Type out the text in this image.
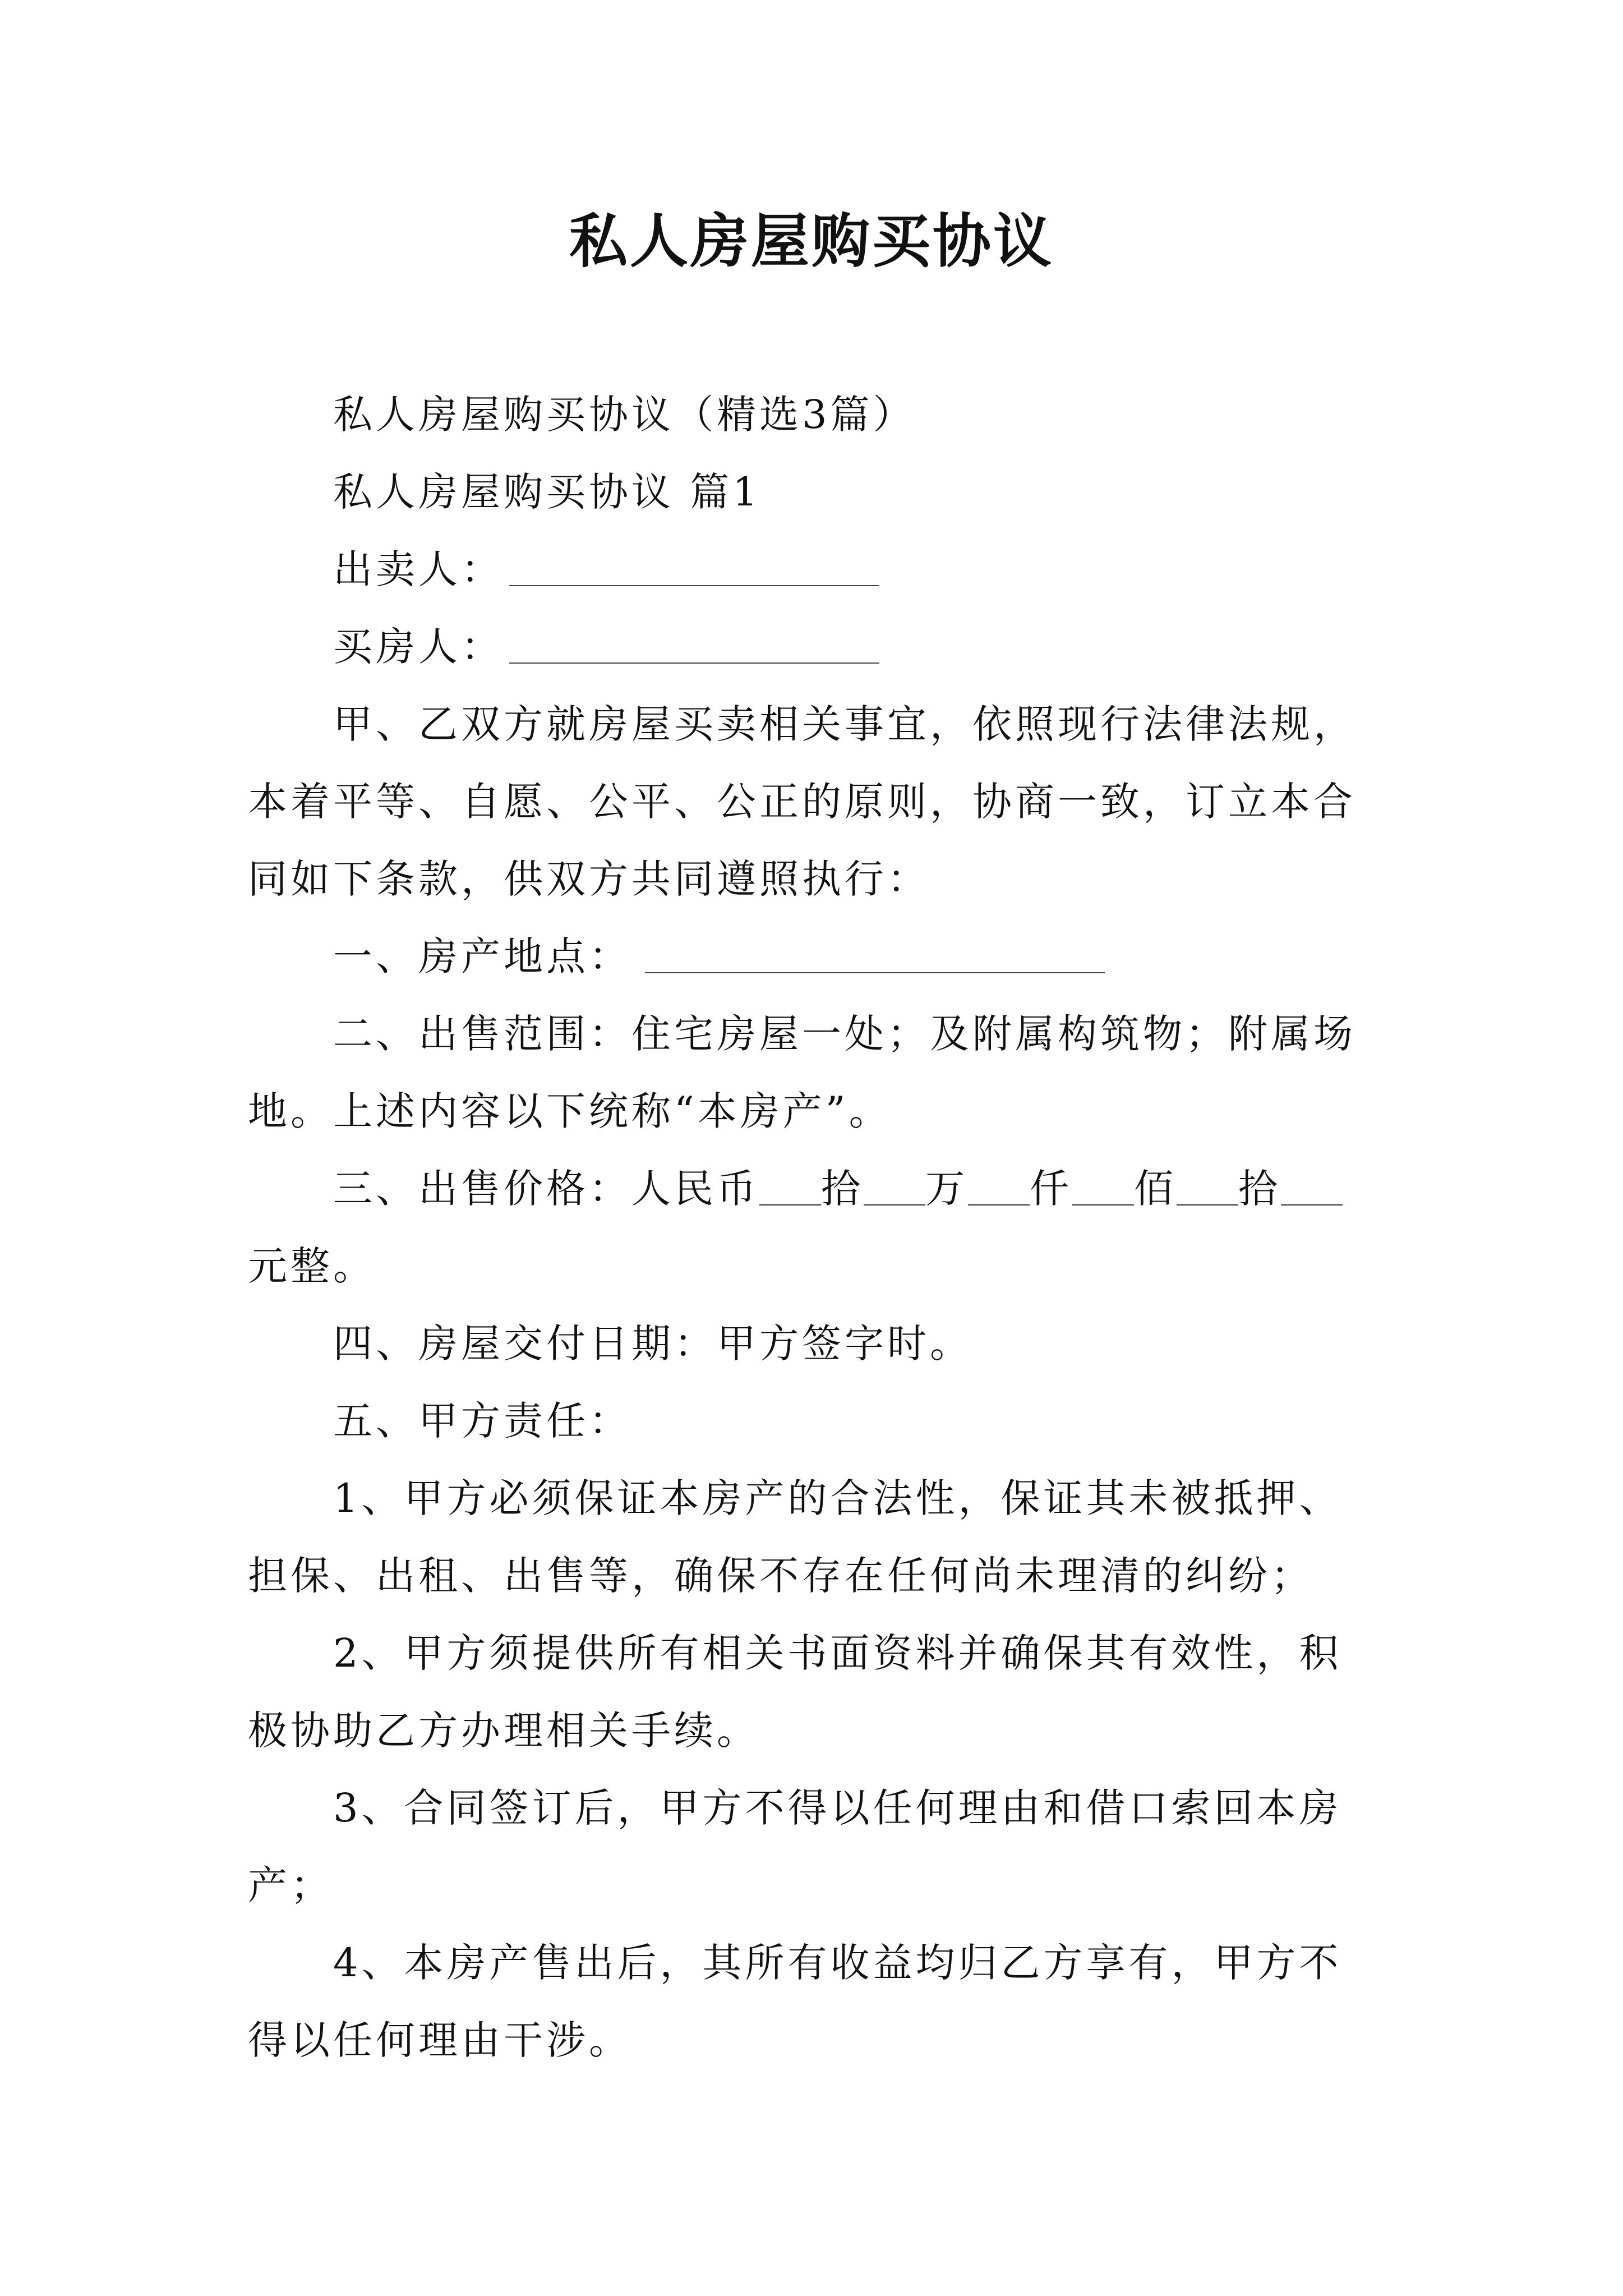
私人房屋购买协议

私人房屋购买协议（精选3篇）

私人房屋购买协议 篇1

出卖人：

买房人：

甲、乙双方就房屋买卖相关事宜，依照现行法律法规，本着平等、自愿、公平、公正的原则，协商一致，订立本合同如下条款，供双方共同遵照执行：

一、房产地点：

二、出售范围：住宅房屋一处；及附属构筑物；附属场地。上述内容以下统称“本房产”。

三、出售价格：人民币 拾 万 仟 佰 拾元整。

四、房屋交付日期：甲方签字时。

五、甲方责任：

1、甲方必须保证本房产的合法性，保证其未被抵押、担保、出租、出售等，确保不存在任何尚未理清的纠纷；

2、甲方须提供所有相关书面资料并确保其有效性，积极协助乙方办理相关手续。

3、合同签订后，甲方不得以任何理由和借口索回本房产；

4、本房产售出后，其所有收益均归乙方享有，甲方不得以任何理由干涉。
